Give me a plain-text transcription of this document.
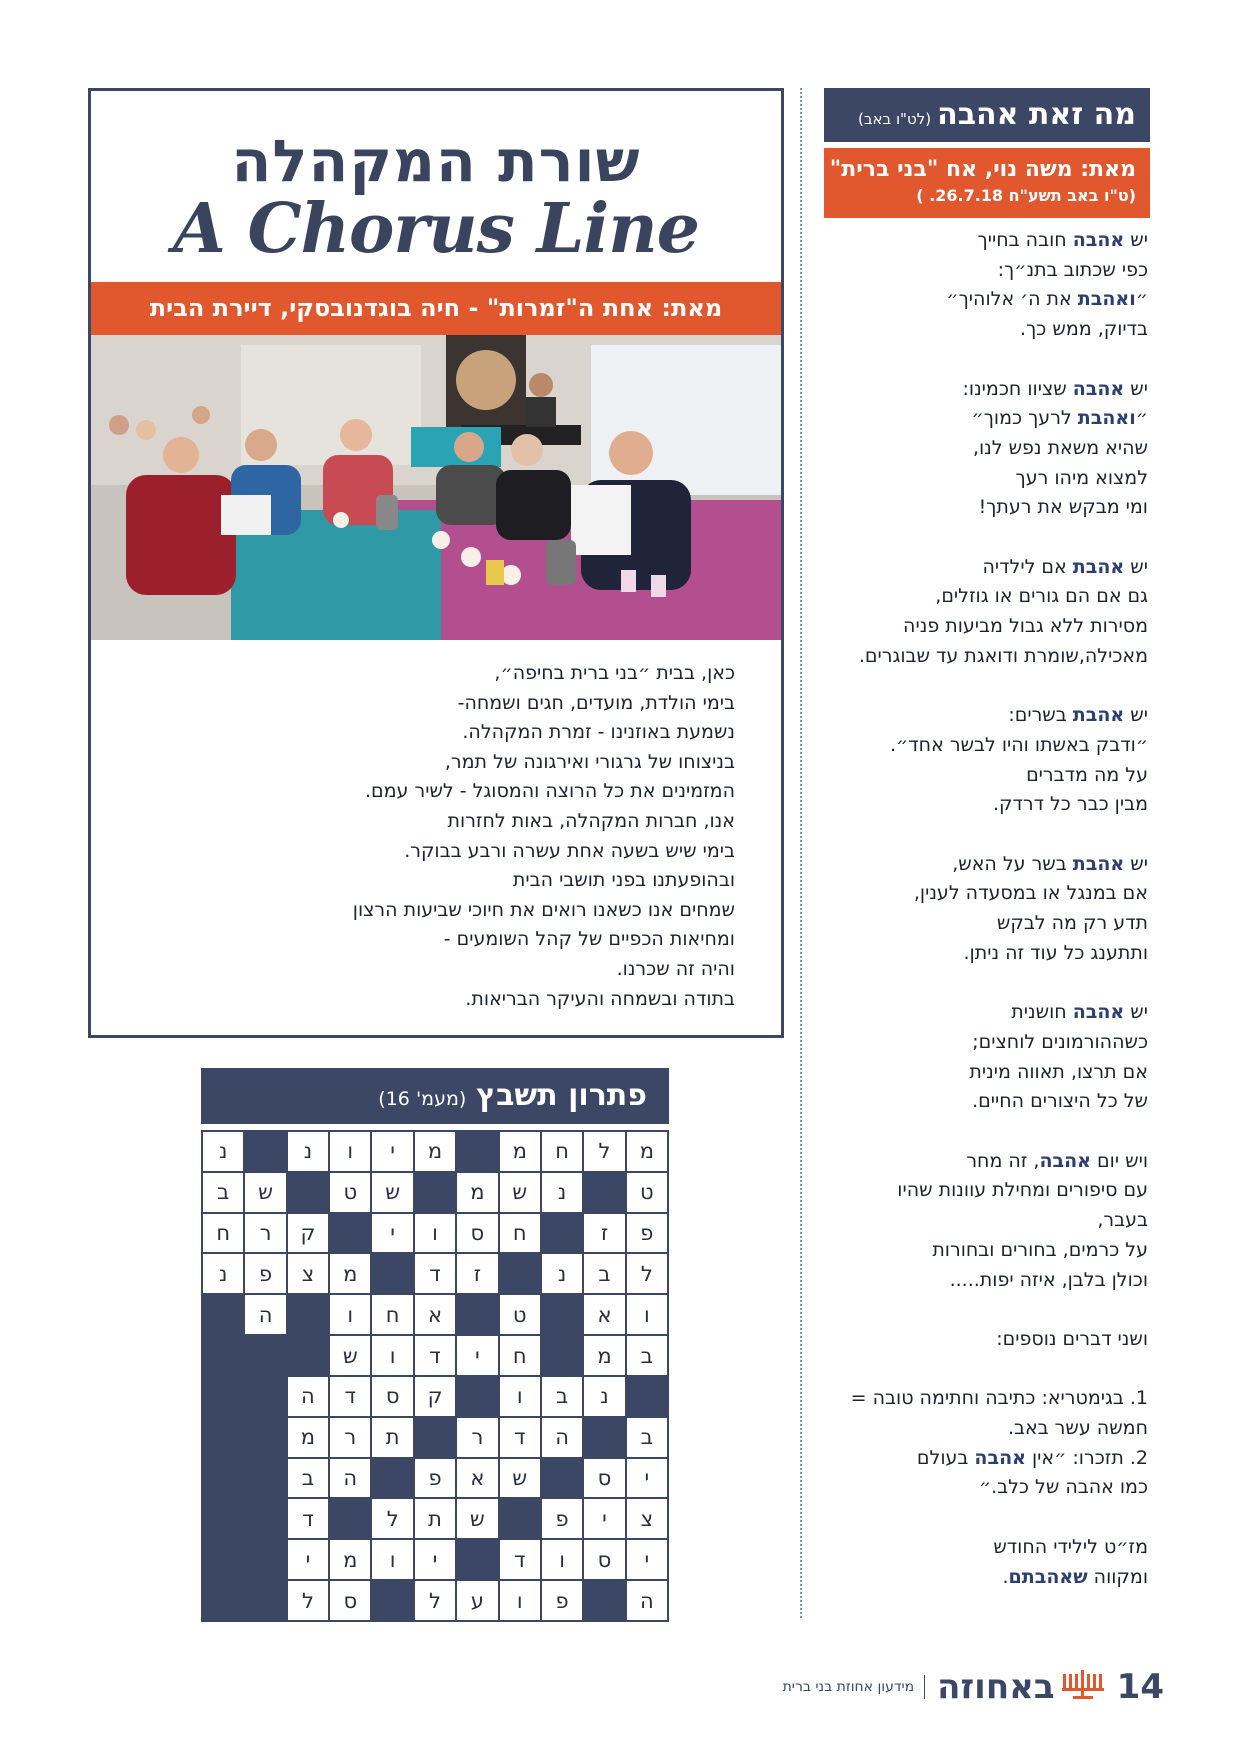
שורת המקהלה
A Chorus Line
מאת: אחת ה"זמרות" - חיה בוגדנובסקי, דיירת הבית
כאן, בבית ״בני ברית בחיפה״,
בימי הולדת, מועדים, חגים ושמחה-
נשמעת באוזנינו - זמרת המקהלה.
בניצוחו של גרגורי ואירגונה של תמר,
המזמינים את כל הרוצה והמסוגל - לשיר עמם.
אנו, חברות המקהלה, באות לחזרות
בימי שיש בשעה אחת עשרה ורבע בבוקר.
ובהופעתנו בפני תושבי הבית
שמחים אנו כשאנו רואים את חיוכי שביעות הרצון
ומחיאות הכפיים של קהל השומעים -
והיה זה שכרנו.
בתודה ובשמחה והעיקר הבריאות.
פתרון תשבץ(מעמ' 16)
מ
ל
ח
מ
מ
י
ו
נ
נ
ט
נ
ש
מ
ש
ט
ש
ב
פ
ז
ח
ס
ו
י
ק
ר
ח
ל
ב
נ
ז
ד
מ
צ
פ
נ
ו
א
ט
א
ח
ו
ה
ב
מ
ח
י
ד
ו
ש
נ
ב
ו
ק
ס
ד
ה
ב
ה
ד
ר
ת
ר
מ
י
ס
ש
א
פ
ה
ב
צ
י
פ
ש
ת
ל
ד
י
ס
ו
ד
י
ו
מ
י
ה
פ
ו
ע
ל
ס
ל
מה זאת אהבה(לט"ו באב)
מאת: משה נוי, אח "בני ברית"
(ט"ו באב תשע"ח 26.7.18. )
יש אהבה חובה בחייך
כפי שכתוב בתנ״ך:
״ואהבת את ה׳ אלוהיך״
בדיוק, ממש כך.
יש אהבה שציוו חכמינו:
״ואהבת לרעך כמוך״
שהיא משאת נפש לנו,
למצוא מיהו רעך
ומי מבקש את רעתך!
יש אהבת אם לילדיה
גם אם הם גורים או גוזלים,
מסירות ללא גבול מביעות פניה
מאכילה,שומרת ודואגת עד שבוגרים.
יש אהבת בשרים:
״ודבק באשתו והיו לבשר אחד״.
על מה מדברים
מבין כבר כל דרדק.
יש אהבת בשר על האש,
אם במנגל או במסעדה לענין,
תדע רק מה לבקש
ותתענג כל עוד זה ניתן.
יש אהבה חושנית
כשההורמונים לוחצים;
אם תרצו, תאווה מינית
של כל היצורים החיים.
ויש יום אהבה, זה מחר
עם סיפורים ומחילת עוונות שהיו
בעבר,
על כרמים, בחורים ובחורות
וכולן בלבן, איזה יפות.....
ושני דברים נוספים:
1. בגימטריא: כתיבה וחתימה טובה =
חמשה עשר באב.
2. תזכרו: ״אין אהבה בעולם
כמו אהבה של כלב.״
מז״ט לילידי החודש
ומקווה שאהבתם.
14
באחוזה
מידעון אחוזת בני ברית
